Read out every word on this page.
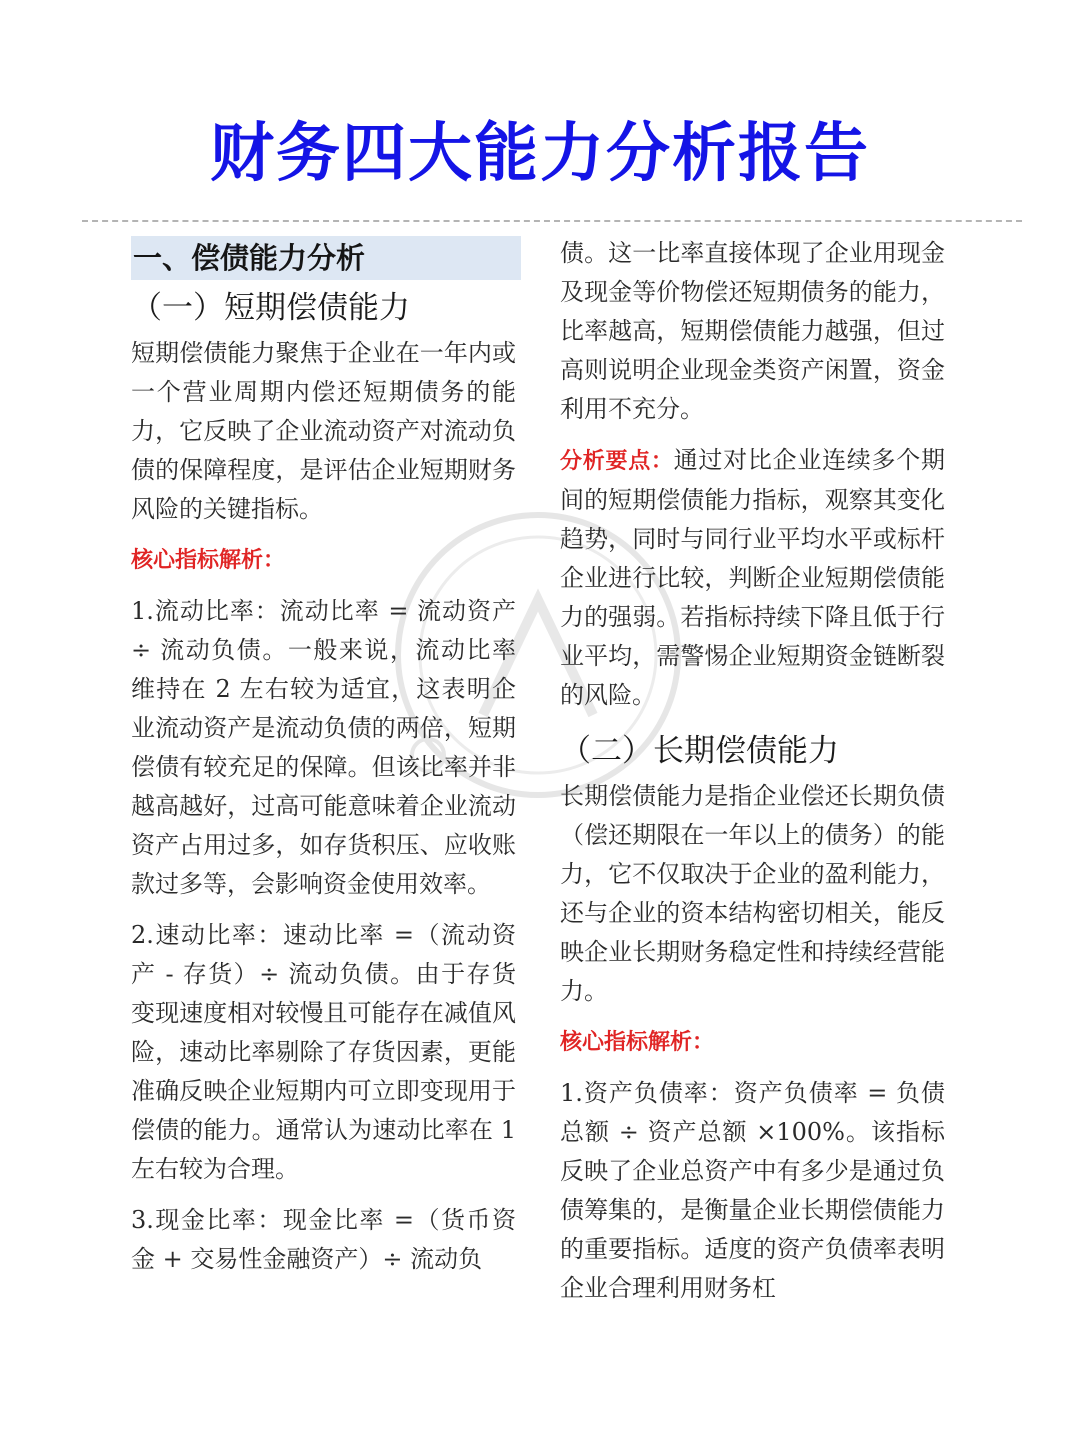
财务四大能力分析报告
一、偿债能力分析
（一）短期偿债能力

短期偿债能力聚焦于企业在一年内或一个营业周期内偿还短期债务的能力，它反映了企业流动资产对流动负债的保障程度，是评估企业短期财务风险的关键指标。

核心指标解析：

1.流动比率：流动比率 = 流动资产 ÷ 流动负债。一般来说，流动比率维持在 2 左右较为适宜，这表明企业流动资产是流动负债的两倍，短期偿债有较充足的保障。但该比率并非越高越好，过高可能意味着企业流动资产占用过多，如存货积压、应收账款过多等，会影响资金使用效率。

2.速动比率：速动比率 =（流动资产 - 存货）÷ 流动负债。由于存货变现速度相对较慢且可能存在减值风险，速动比率剔除了存货因素，更能准确反映企业短期内可立即变现用于偿债的能力。通常认为速动比率在 1 左右较为合理。

3.现金比率：现金比率 =（货币资金 + 交易性金融资产）÷ 流动负

债。这一比率直接体现了企业用现金及现金等价物偿还短期债务的能力，比率越高，短期偿债能力越强，但过高则说明企业现金类资产闲置，资金利用不充分。

分析要点：通过对比企业连续多个期间的短期偿债能力指标，观察其变化趋势，同时与同行业平均水平或标杆企业进行比较，判断企业短期偿债能力的强弱。若指标持续下降且低于行业平均，需警惕企业短期资金链断裂的风险。

（二）长期偿债能力

长期偿债能力是指企业偿还长期负债（偿还期限在一年以上的债务）的能力，它不仅取决于企业的盈利能力，还与企业的资本结构密切相关，能反映企业长期财务稳定性和持续经营能力。

核心指标解析：

1.资产负债率：资产负债率 = 负债总额 ÷ 资产总额 ×100%。该指标反映了企业总资产中有多少是通过负债筹集的，是衡量企业长期偿债能力的重要指标。适度的资产负债率表明企业合理利用财务杠
